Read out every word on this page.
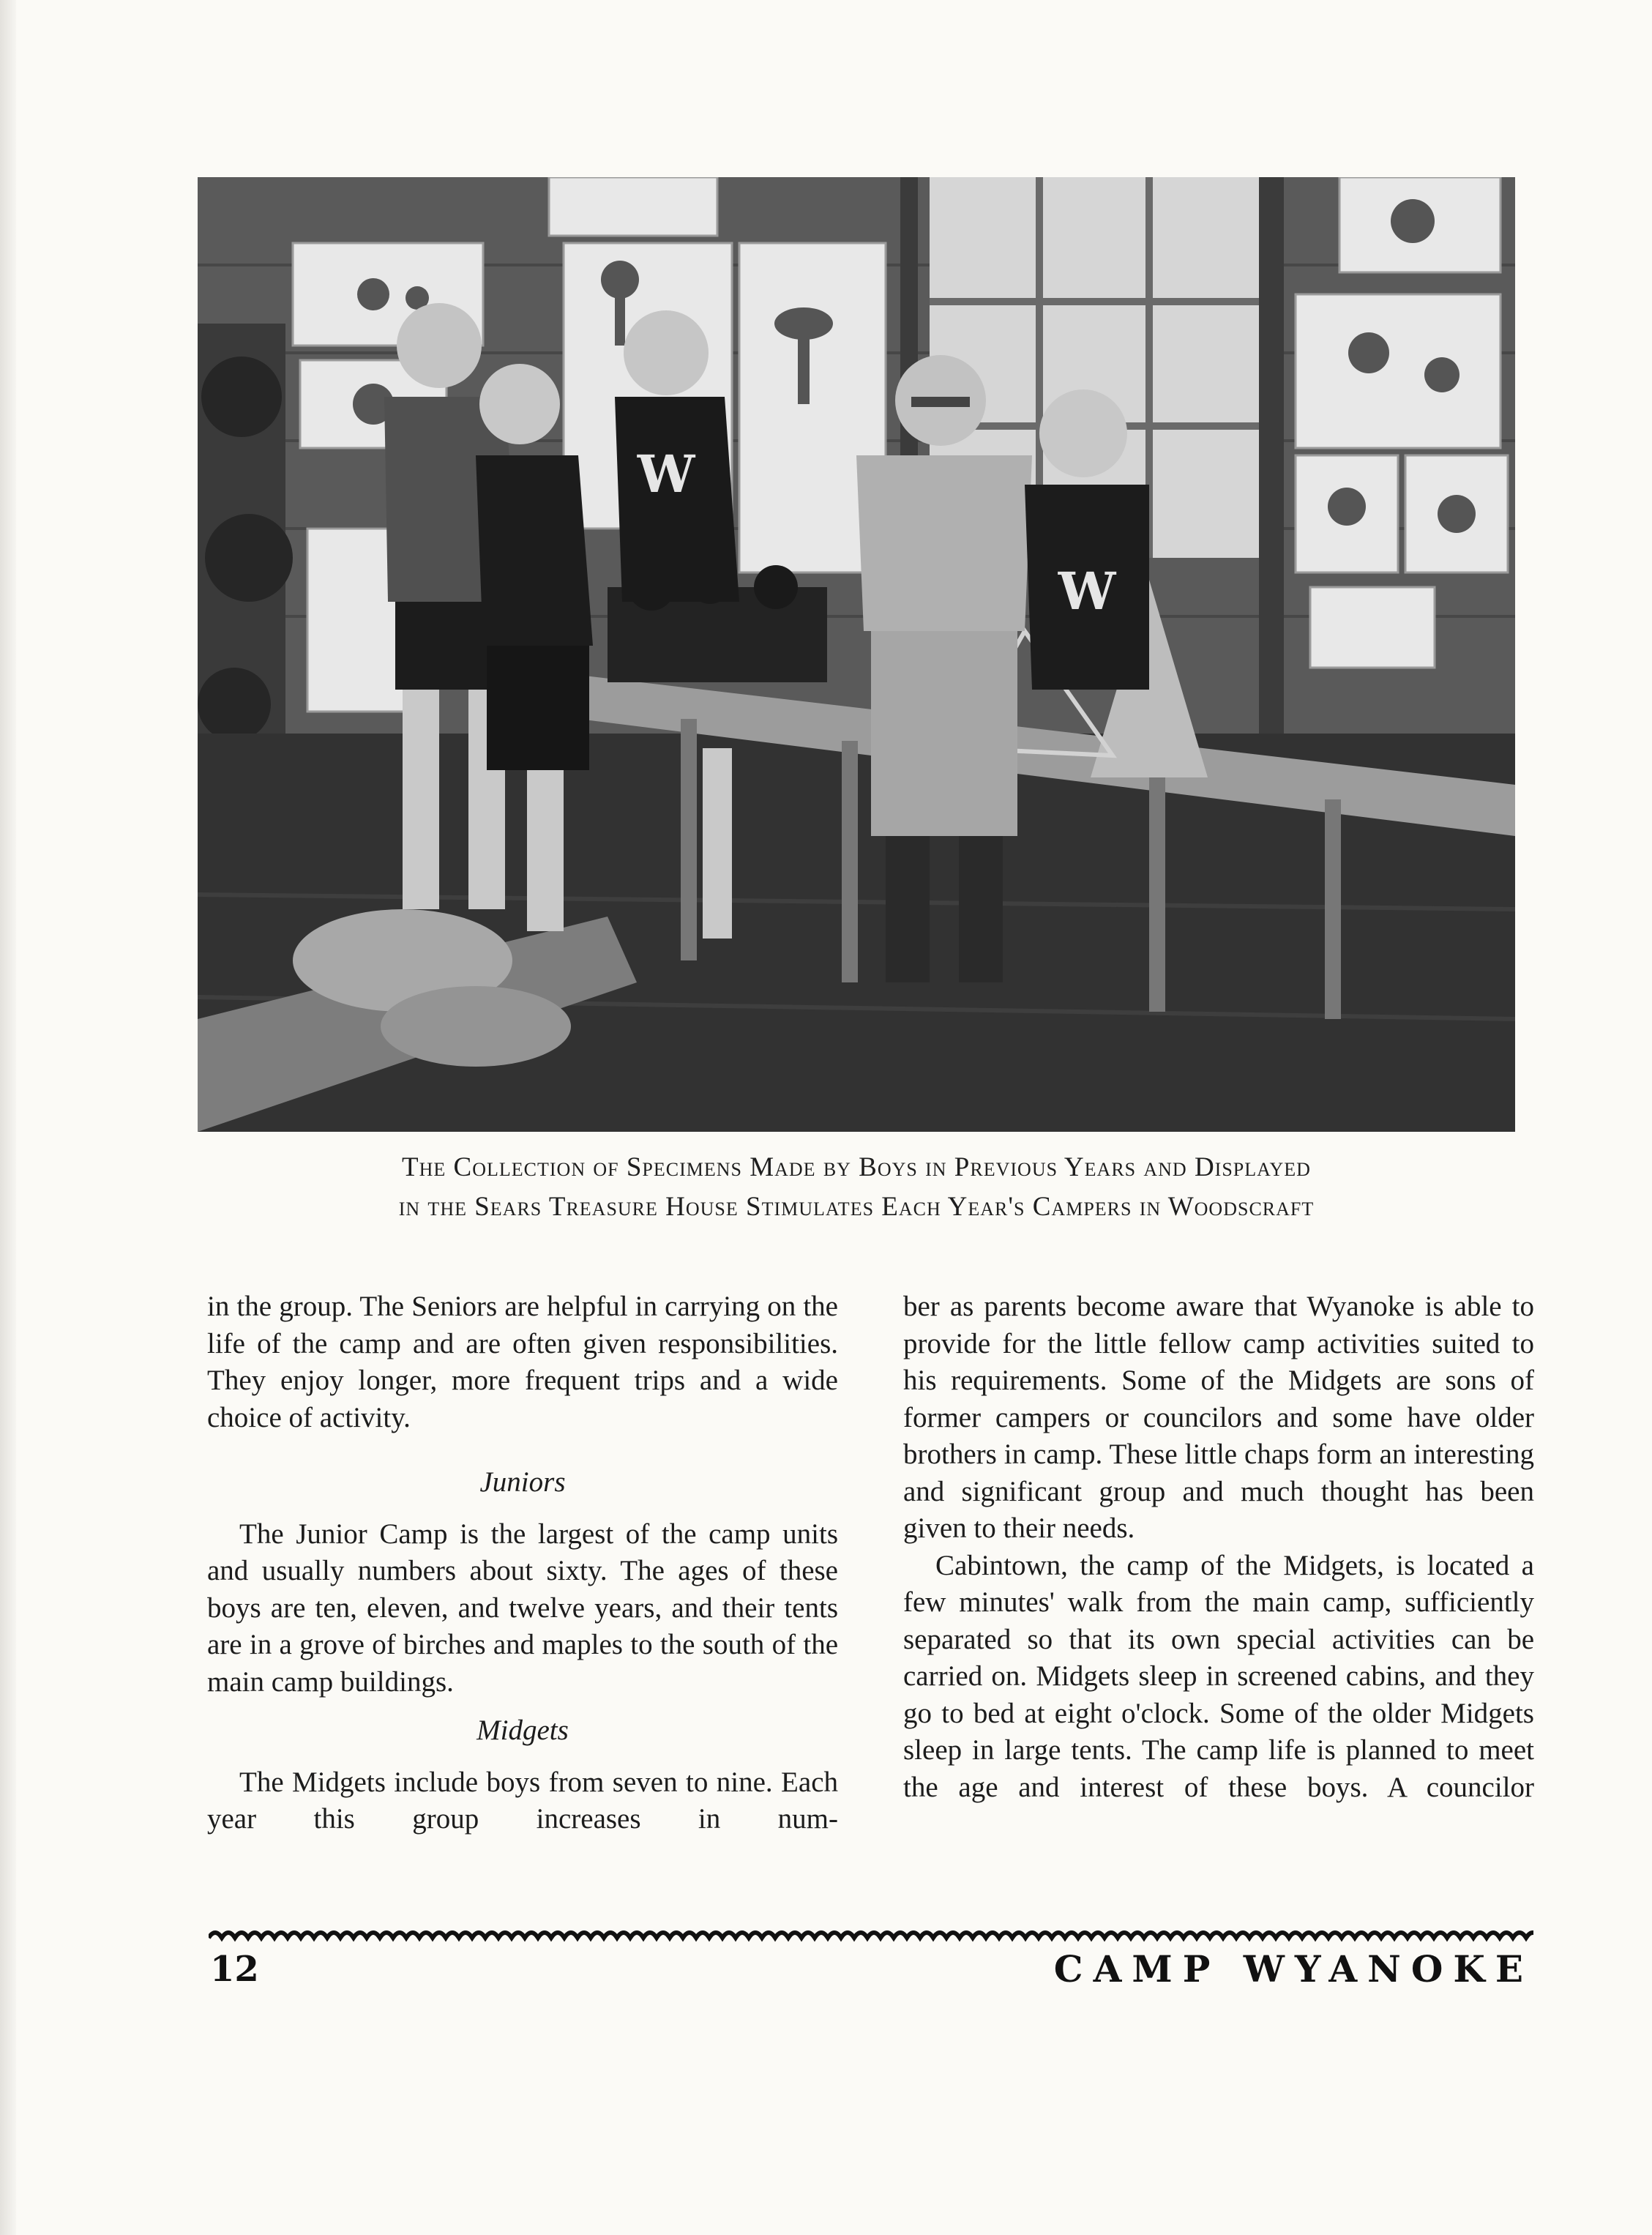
W
W
The Collection of Specimens Made by Boys in Previous Years and Displayed
in the Sears Treasure House Stimulates Each Year's Campers in Woodscraft

in the group. The Seniors are helpful in carrying on the life of the camp and are often given responsibilities. They enjoy longer, more frequent trips and a wide choice of activity.

Juniors

The Junior Camp is the largest of the camp units and usually numbers about sixty. The ages of these boys are ten, eleven, and twelve years, and their tents are in a grove of birches and maples to the south of the main camp buildings.

Midgets

The Midgets include boys from seven to nine. Each year this group increases in num-

ber as parents become aware that Wyanoke is able to provide for the little fellow camp activities suited to his requirements. Some of the Midgets are sons of former campers or councilors and some have older brothers in camp. These little chaps form an interesting and significant group and much thought has been given to their needs.

Cabintown, the camp of the Midgets, is located a few minutes' walk from the main camp, sufficiently separated so that its own special activities can be carried on. Midgets sleep in screened cabins, and they go to bed at eight o'clock. Some of the older Midgets sleep in large tents. The camp life is planned to meet the age and interest of these boys. A councilor

12	CAMP WYANOKE
